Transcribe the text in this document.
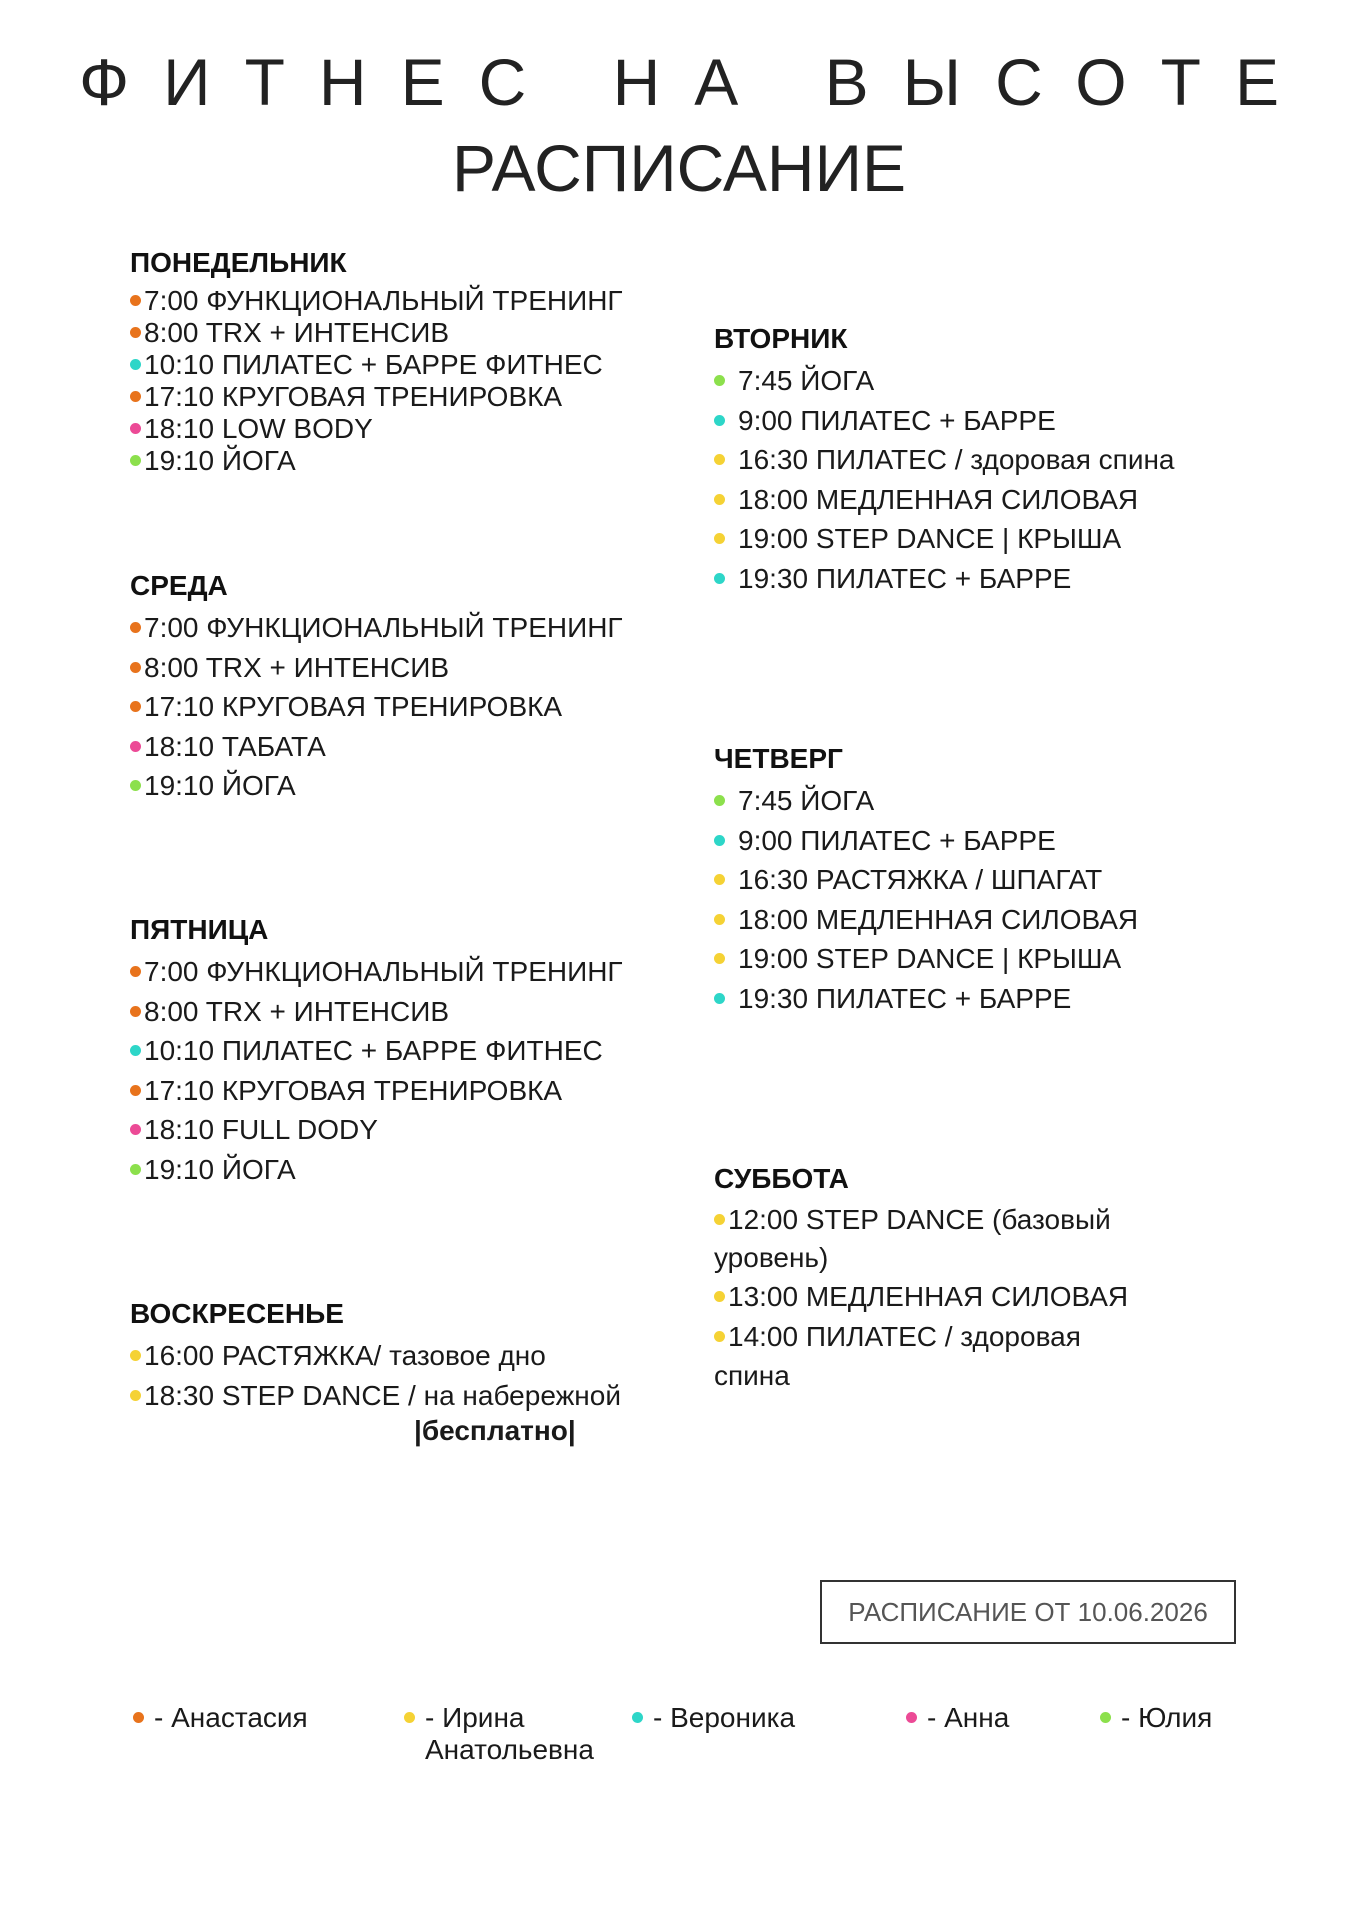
ФИТНЕС НА ВЫСОТЕ
РАСПИСАНИЕ
ПОНЕДЕЛЬНИК
7:00 ФУНКЦИОНАЛЬНЫЙ ТРЕНИНГ
8:00 TRX + ИНТЕНСИВ
10:10 ПИЛАТЕС + БАРРЕ ФИТНЕС
17:10 КРУГОВАЯ ТРЕНИРОВКА
18:10 LOW BODY
19:10 ЙОГА
СРЕДА
7:00 ФУНКЦИОНАЛЬНЫЙ ТРЕНИНГ
8:00 TRX + ИНТЕНСИВ
17:10 КРУГОВАЯ ТРЕНИРОВКА
18:10 ТАБАТА
19:10 ЙОГА
ПЯТНИЦА
7:00 ФУНКЦИОНАЛЬНЫЙ ТРЕНИНГ
8:00 TRX + ИНТЕНСИВ
10:10 ПИЛАТЕС + БАРРЕ ФИТНЕС
17:10 КРУГОВАЯ ТРЕНИРОВКА
18:10 FULL DODY
19:10 ЙОГА
ВОСКРЕСЕНЬЕ
16:00 РАСТЯЖКА/ тазовое дно
18:30 STEP DANCE / на набережной
|бесплатно|
ВТОРНИК
7:45 ЙОГА
9:00 ПИЛАТЕС + БАРРЕ
16:30 ПИЛАТЕС / здоровая спина
18:00 МЕДЛЕННАЯ СИЛОВАЯ
19:00 STEP DANCE | КРЫША
19:30 ПИЛАТЕС + БАРРЕ
ЧЕТВЕРГ
7:45 ЙОГА
9:00 ПИЛАТЕС + БАРРЕ
16:30 РАСТЯЖКА / ШПАГАТ
18:00 МЕДЛЕННАЯ СИЛОВАЯ
19:00 STEP DANCE | КРЫША
19:30 ПИЛАТЕС + БАРРЕ
СУББОТА
12:00 STEP DANCE (базовый уровень)
13:00 МЕДЛЕННАЯ СИЛОВАЯ
14:00 ПИЛАТЕС / здоровая спина
РАСПИСАНИЕ ОТ 10.06.2026
- Анастасия	- Ирина Анатольевна
- Вероника	- Анна	- Юлия
